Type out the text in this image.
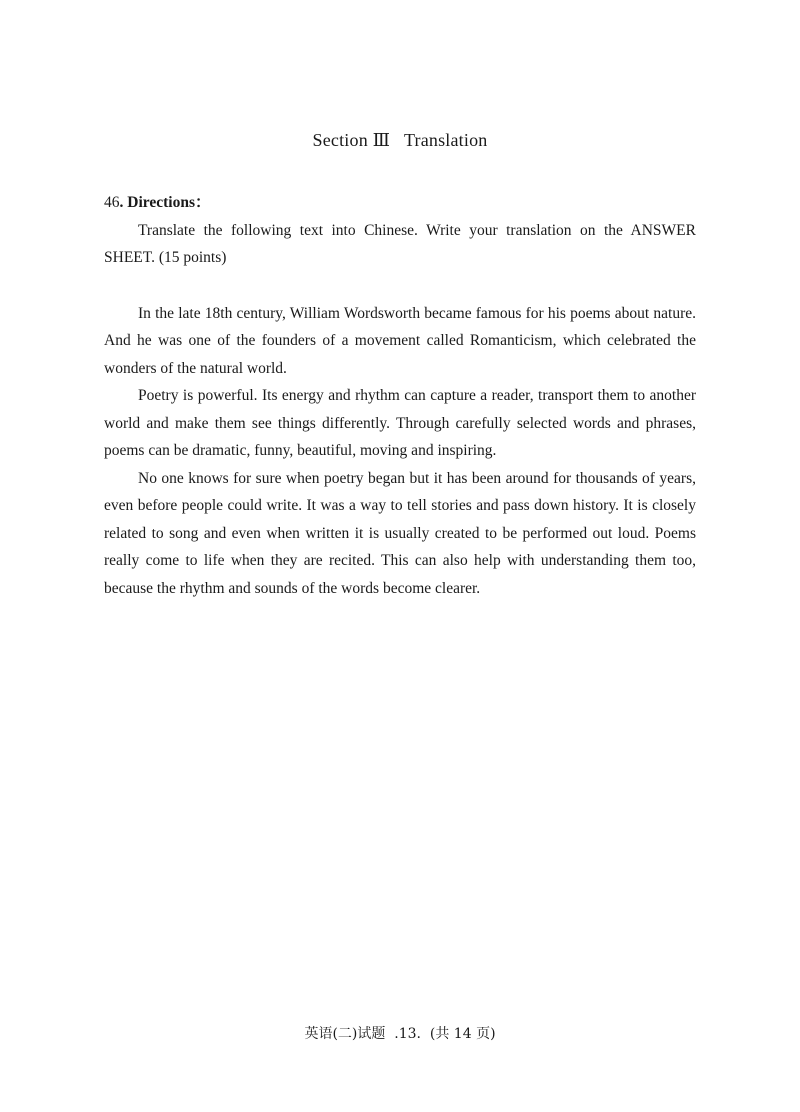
Section Ⅲ   Translation
46. Directions：

Translate the following text into Chinese. Write your translation on the ANSWER SHEET. (15 points)

In the late 18th century, William Wordsworth became famous for his poems about nature. And he was one of the founders of a movement called Romanticism, which celebrated the wonders of the natural world.

Poetry is powerful. Its energy and rhythm can capture a reader, transport them to another world and make them see things differently. Through carefully selected words and phrases, poems can be dramatic, funny, beautiful, moving and inspiring.

No one knows for sure when poetry began but it has been around for thousands of years, even before people could write. It was a way to tell stories and pass down history. It is closely related to song and even when written it is usually created to be performed out loud. Poems really come to life when they are recited. This can also help with understanding them too, because the rhythm and sounds of the words become clearer.

英语(二)试题  .13.  (共 14 页)
